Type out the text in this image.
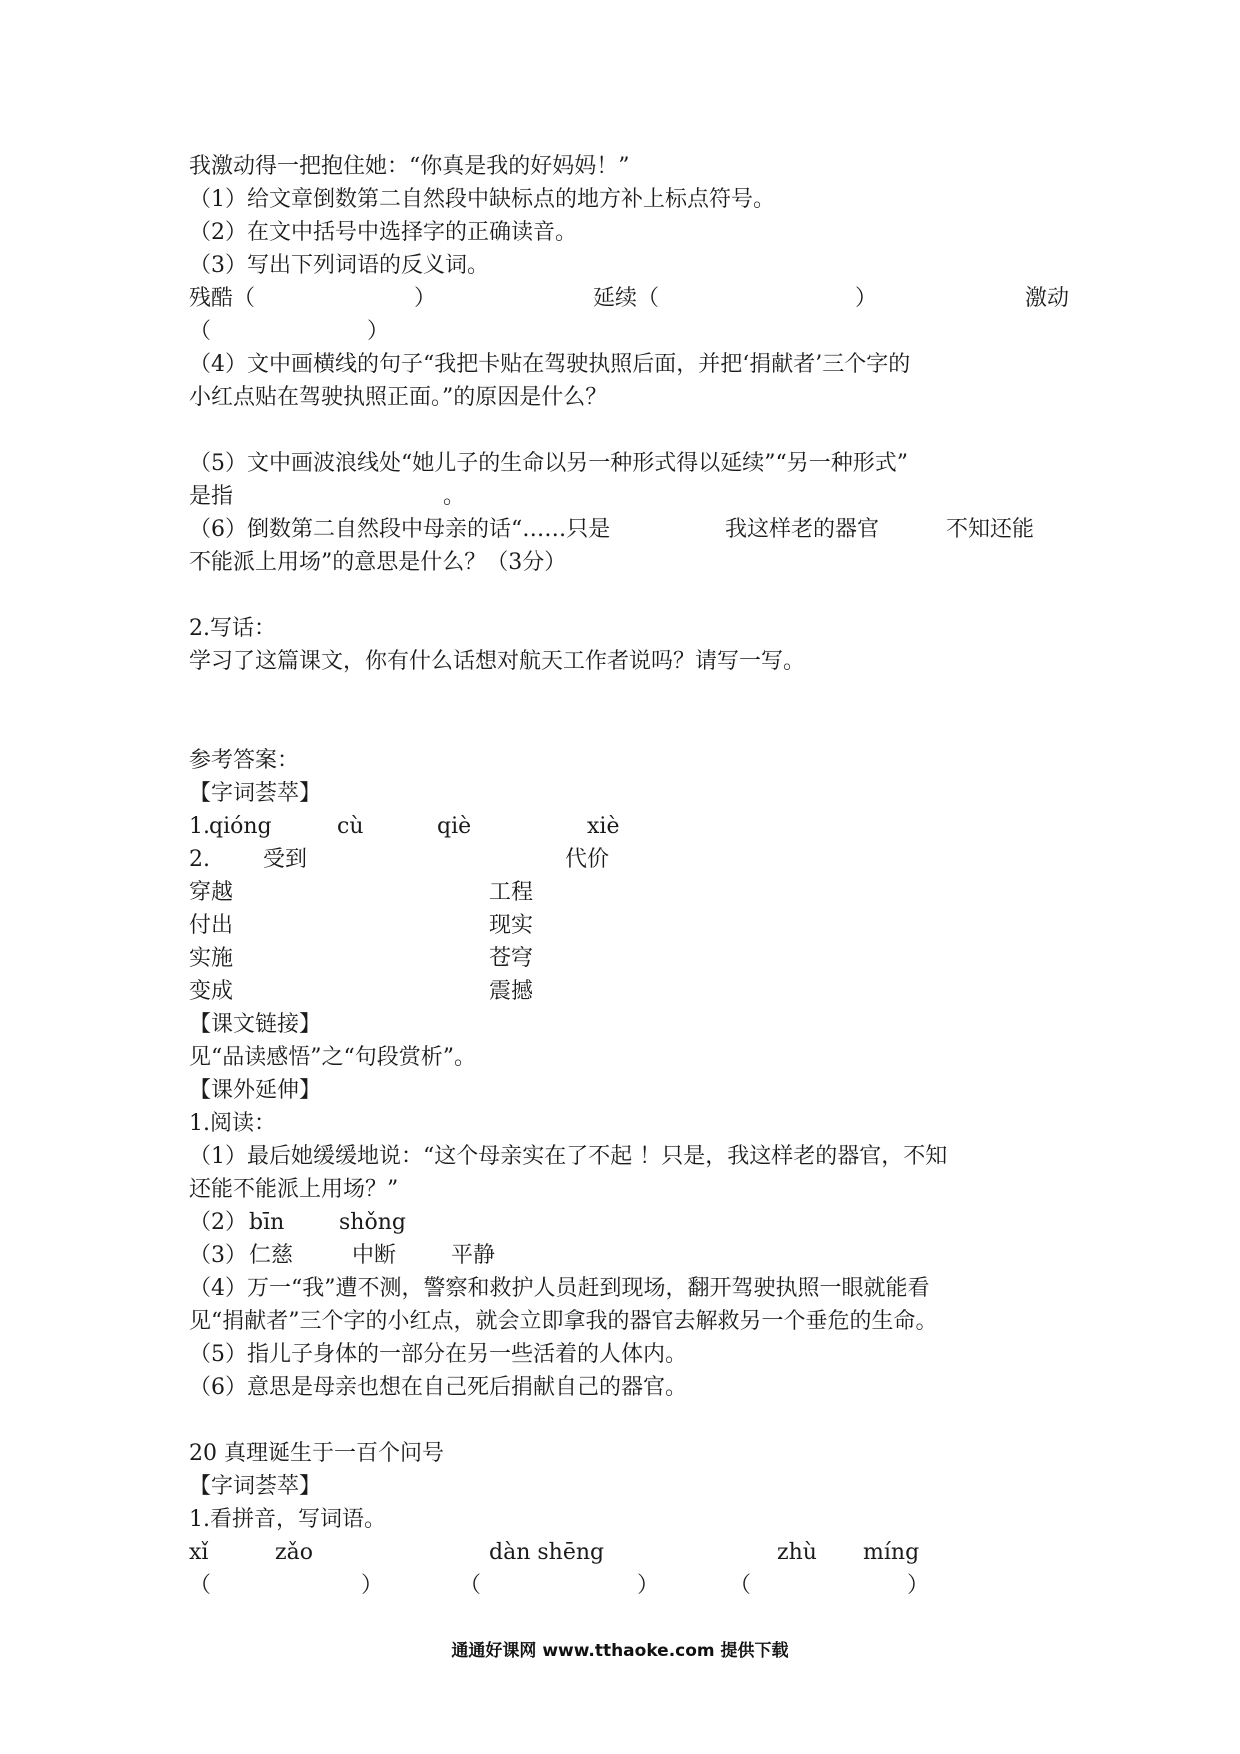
我激动得一把抱住她：“你真是我的好妈妈！”
（1）给文章倒数第二自然段中缺标点的地方补上标点符号。
（2）在文中括号中选择字的正确读音。
（3）写出下列词语的反义词。
残酷（	）	延续（	）	激动
（	）
（4）文中画横线的句子“我把卡贴在驾驶执照后面，并把‘捐献者’三个字的
小红点贴在驾驶执照正面。”的原因是什么？
（5）文中画波浪线处“她儿子的生命以另一种形式得以延续”“另一种形式”
是指	。
（6）倒数第二自然段中母亲的话“……只是	我这样老的器官	不知还能
不能派上用场”的意思是什么？（3分）
2.写话：
学习了这篇课文，你有什么话想对航天工作者说吗？请写一写。
参考答案：
【字词荟萃】
1. qióng	cù	qiè	xiè
2. 受到	代价
穿越	工程
付出	现实
实施	苍穹
变成	震撼
【课文链接】
见“品读感悟”之“句段赏析”。
【课外延伸】
1.阅读：
（1）最后她缓缓地说：“这个母亲实在了不起 ！只是，我这样老的器官，不知
还能不能派上用场？”
（2） bīn shǒng
（3） 仁慈	中断 平静
（4）万一“我”遭不测，警察和救护人员赶到现场，翻开驾驶执照一眼就能看
见“捐献者”三个字的小红点，就会立即拿我的器官去解救另一个垂危的生命。
（5）指儿子身体的一部分在另一些活着的人体内。
（6）意思是母亲也想在自己死后捐献自己的器官。
20 真理诞生于一百个问号
【字词荟萃】
1.看拼音，写词语。
xǐ	zǎo	dàn shēng	zhù míng
（	）	（	）	（	）
通通好课网 www.tthaoke.com 提供下载
